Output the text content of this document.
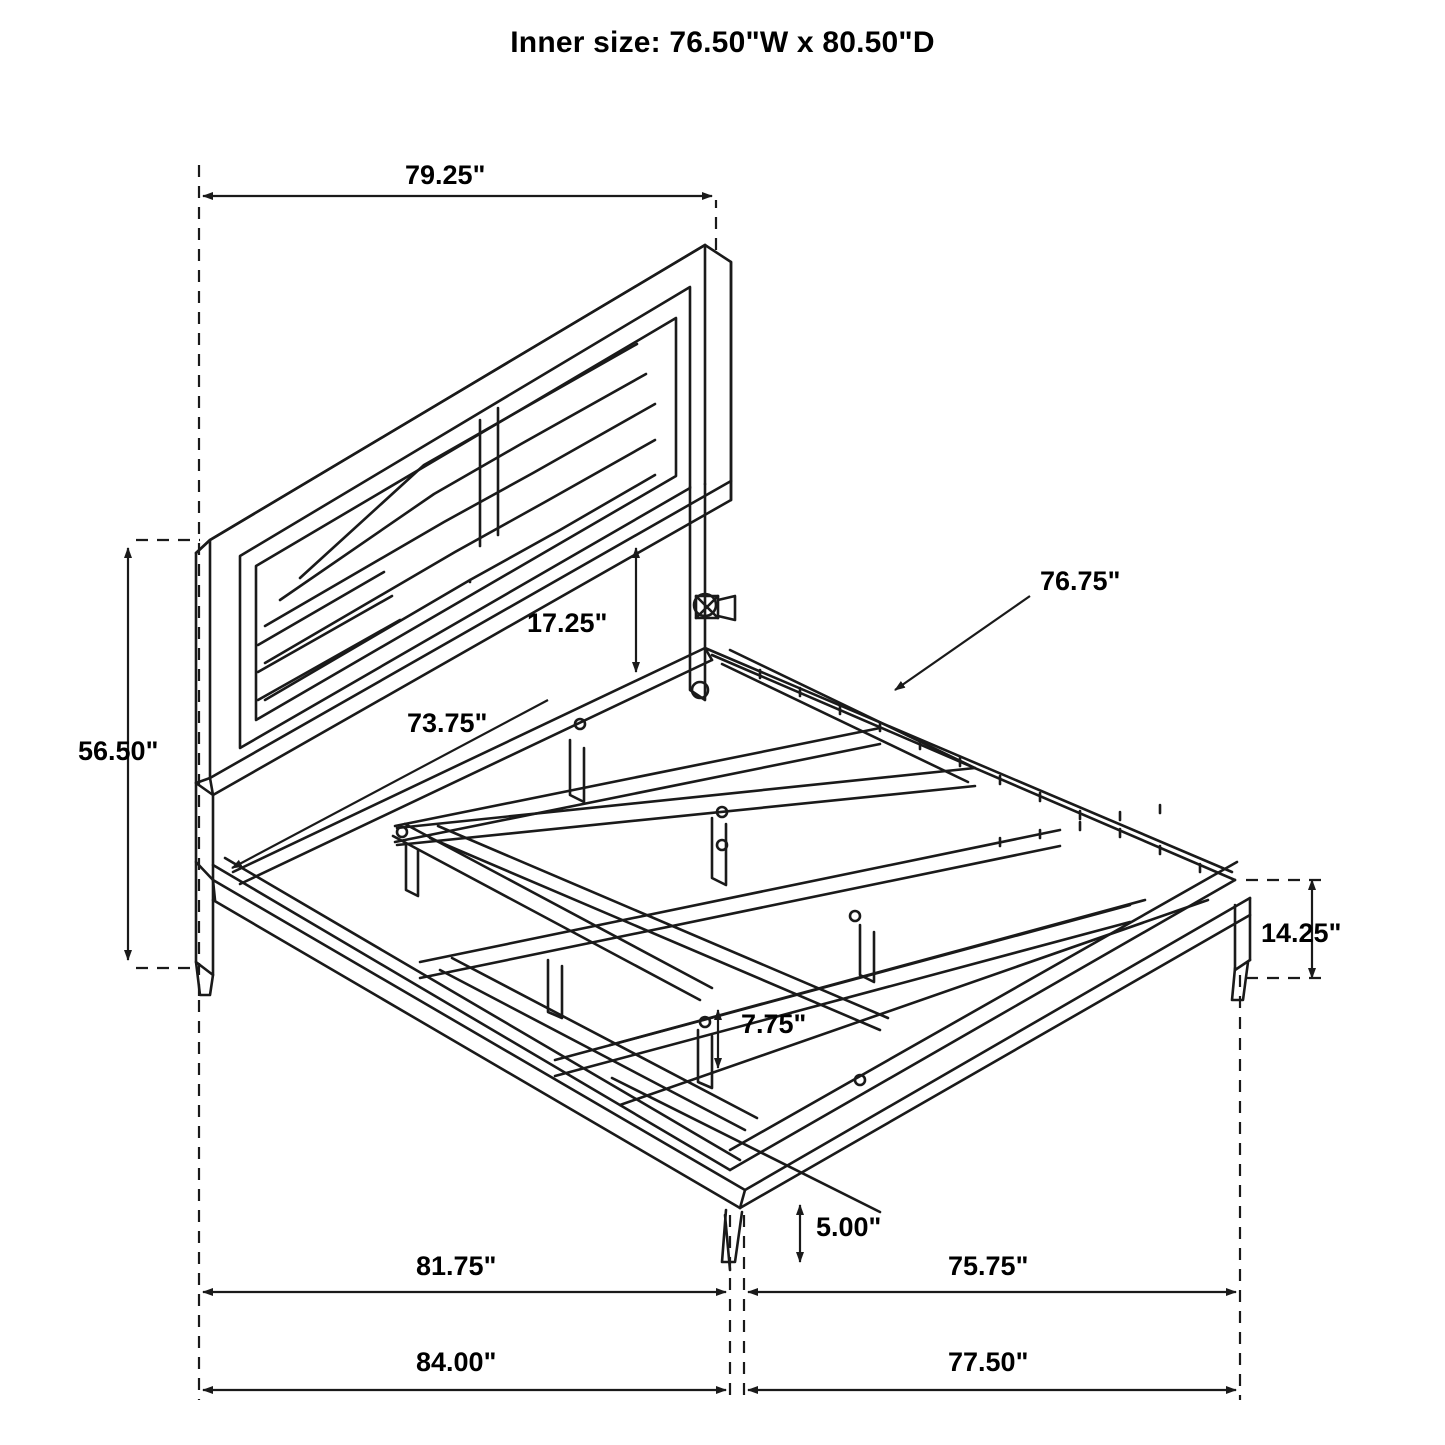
Inner size: 76.50"W x 80.50"D
79.25"
56.50"
17.25"
76.75"
73.75"
14.25"
7.75"
5.00"
81.75"	75.75"
84.00"	77.50"
